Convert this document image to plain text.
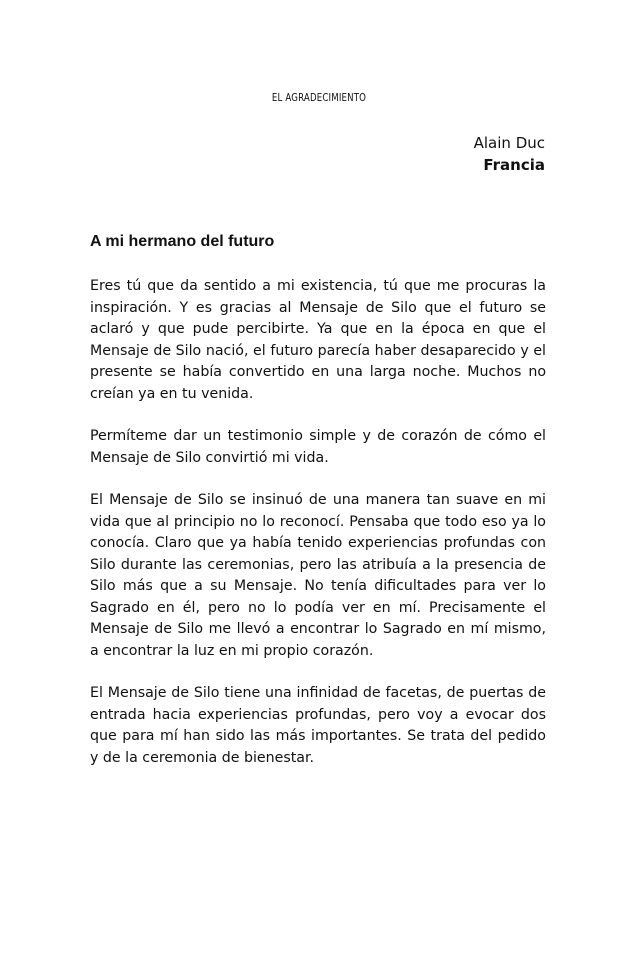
EL AGRADECIMIENTO
Alain Duc
Francia
A mi hermano del futuro

Eres tú que da sentido a mi existencia, tú que me procuras la inspiración. Y es gracias al Mensaje de Silo que el futuro se aclaró y que pude percibirte. Ya que en la época en que el Mensaje de Silo nació, el futuro parecía haber desaparecido y el presente se había convertido en una larga noche. Muchos no creían ya en tu venida.

Permíteme dar un testimonio simple y de corazón de cómo el Mensaje de Silo convirtió mi vida.

El Mensaje de Silo se insinuó de una manera tan suave en mi vida que al principio no lo reconocí. Pensaba que todo eso ya lo conocía. Claro que ya había tenido experiencias profundas con Silo durante las ceremonias, pero las atribuía a la presencia de Silo más que a su Mensaje. No tenía dificultades para ver lo Sagrado en él, pero no lo podía ver en mí. Precisamente el Mensaje de Silo me llevó a encontrar lo Sagrado en mí mismo, a encontrar la luz en mi propio corazón.

El Mensaje de Silo tiene una infinidad de facetas, de puertas de entrada hacia experiencias profundas, pero voy a evocar dos que para mí han sido las más importantes. Se trata del pedido y de la ceremonia de bienestar.
